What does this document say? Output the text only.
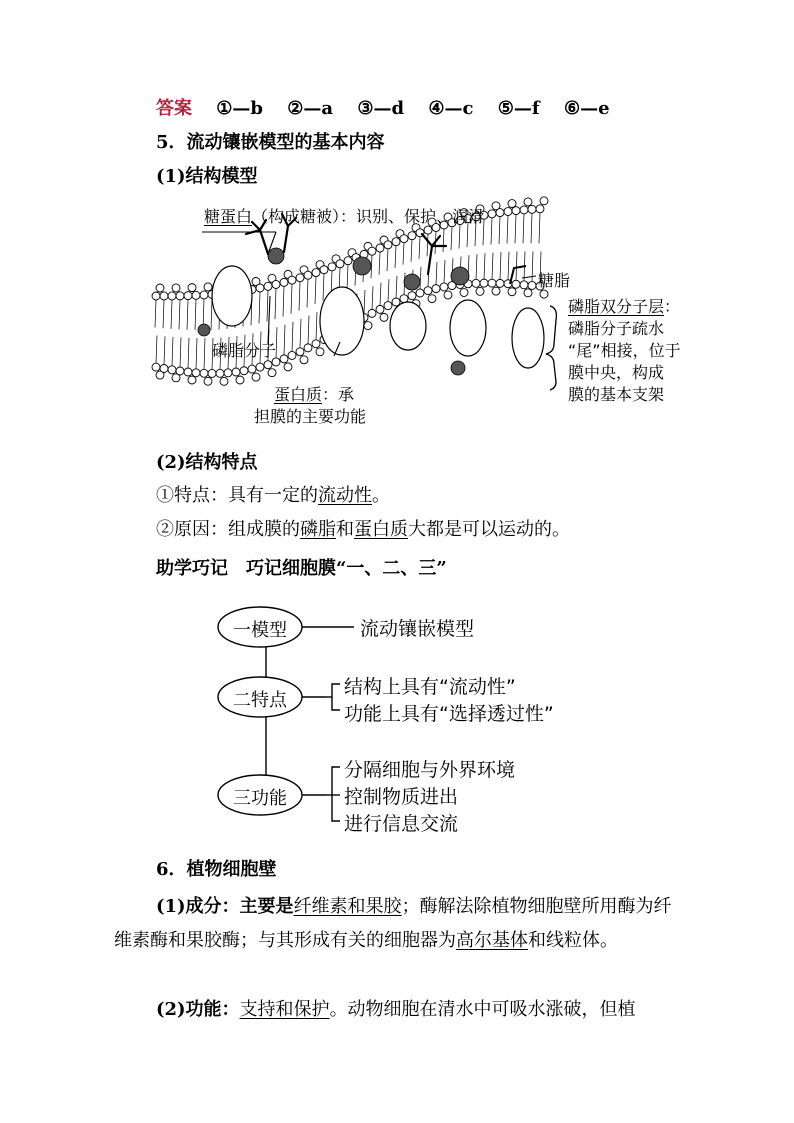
答案 ①—b ②—a ③—d ④—c ⑤—f ⑥—e
5．流动镶嵌模型的基本内容
(1)结构模型
糖蛋白（构成糖被）：识别、保护、润滑
糖脂
磷脂双分子层：
磷脂分子疏水
“尾”相接，位于
膜中央，构成
膜的基本支架
磷脂分子
蛋白质：承
担膜的主要功能
(2)结构特点
①特点：具有一定的流动性。
②原因：组成膜的磷脂和蛋白质大都是可以运动的。
助学巧记　巧记细胞膜“一、二、三”
一模型
二特点
三功能
流动镶嵌模型
结构上具有“流动性”
功能上具有“选择透过性”
分隔细胞与外界环境
控制物质进出
进行信息交流
6．植物细胞壁
(1)成分：主要是纤维素和果胶；酶解法除植物细胞壁所用酶为纤维素酶和果胶酶；与其形成有关的细胞器为高尔基体和线粒体。
(2)功能：支持和保护。动物细胞在清水中可吸水涨破，但植
